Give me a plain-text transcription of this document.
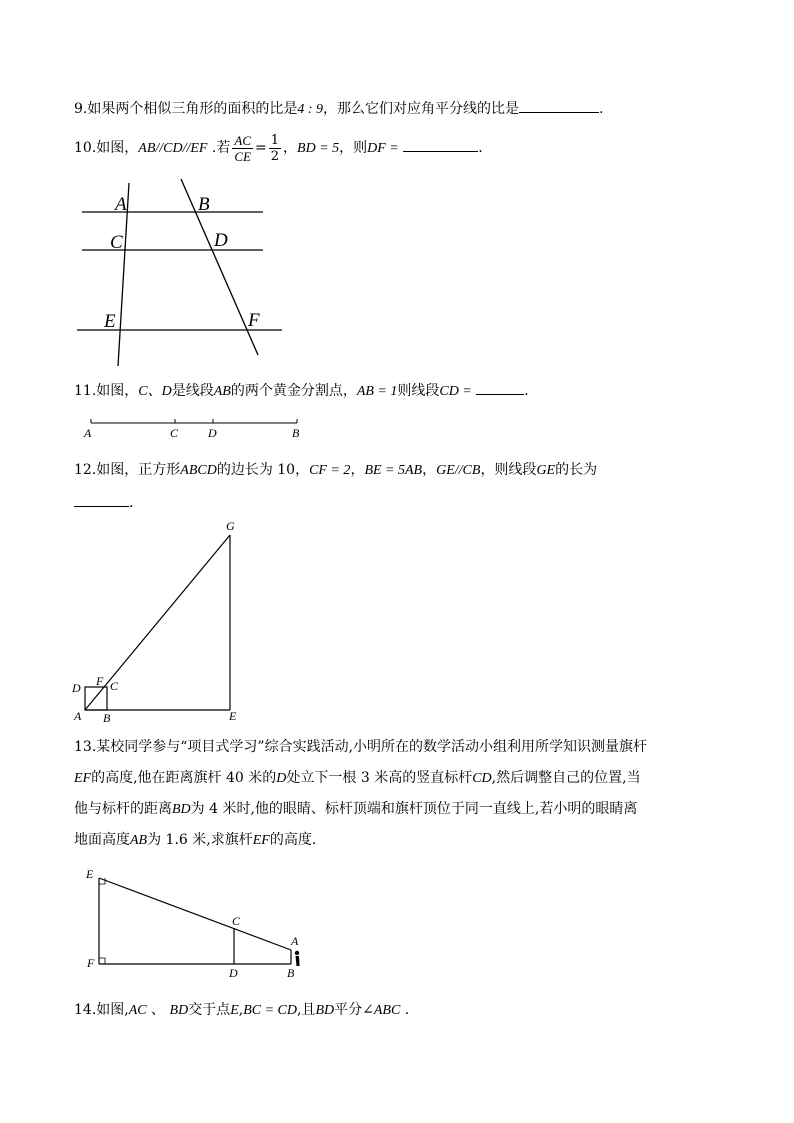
9.如果两个相似三角形的面积的比是4 : 9，那么它们对应角平分线的比是	.
10.如图，AB//CD//EF .若 $\frac{AC}{CE} = \frac{1}{2}$ ，BD = 5，则DF =	.
A	B
C	D
E	F
11.如图，C、D是线段AB的两个黄金分割点，AB = 1则线段CD =	.
A	C D	B
12.如图，正方形ABCD的边长为 10，CF = 2，BE = 5AB，GE//CB，则线段GE的长为
.
G
D F C
A B	E
13.某校同学参与“项目式学习”综合实践活动,小明所在的数学活动小组利用所学知识测量旗杆
EF的高度,他在距离旗杆 40 米的D处立下一根 3 米高的竖直标杆CD,然后调整自己的位置,当
他与标杆的距离BD为 4 米时,他的眼睛、标杆顶端和旗杆顶位于同一直线上,若小明的眼睛离
地面高度AB为 1.6 米,求旗杆EF的高度.
E
C
A
F
D	B
14.如图,AC 、 BD交于点E,BC = CD,且BD平分∠ABC .
